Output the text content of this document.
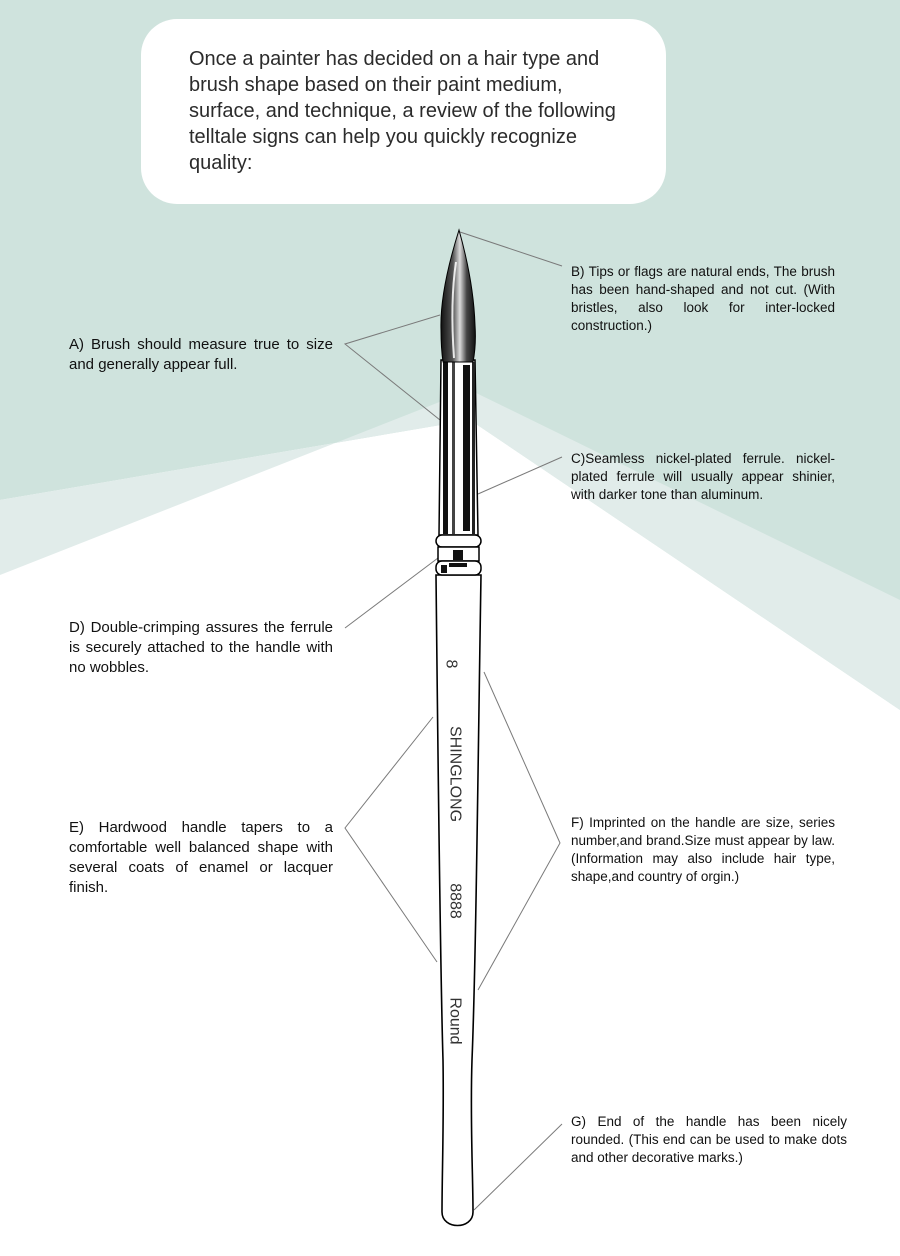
8
SHINGLONG
8888
Round

Once a painter has decided on a hair type and brush shape based on their paint medium, surface, and technique, a review of the following telltale signs can help you quickly recognize quality:

A) Brush should measure true to size and generally appear full.

D) Double-crimping assures the ferrule is securely attached to the handle with no wobbles.

E) Hardwood handle tapers to a comfortable well balanced shape with several coats of enamel or lacquer finish.

B) Tips or flags are natural ends, The brush has been hand-shaped and not cut. (With bristles, also look for inter-locked construction.)

C)Seamless nickel-plated ferrule. nickel-plated ferrule will usually appear shinier, with darker tone than aluminum.

F) Imprinted on the handle are size, series number,and brand.Size must appear by law.(Information may also include hair type, shape,and country of orgin.)

G) End of the handle has been nicely rounded. (This end can be used to make dots and other decorative marks.)
